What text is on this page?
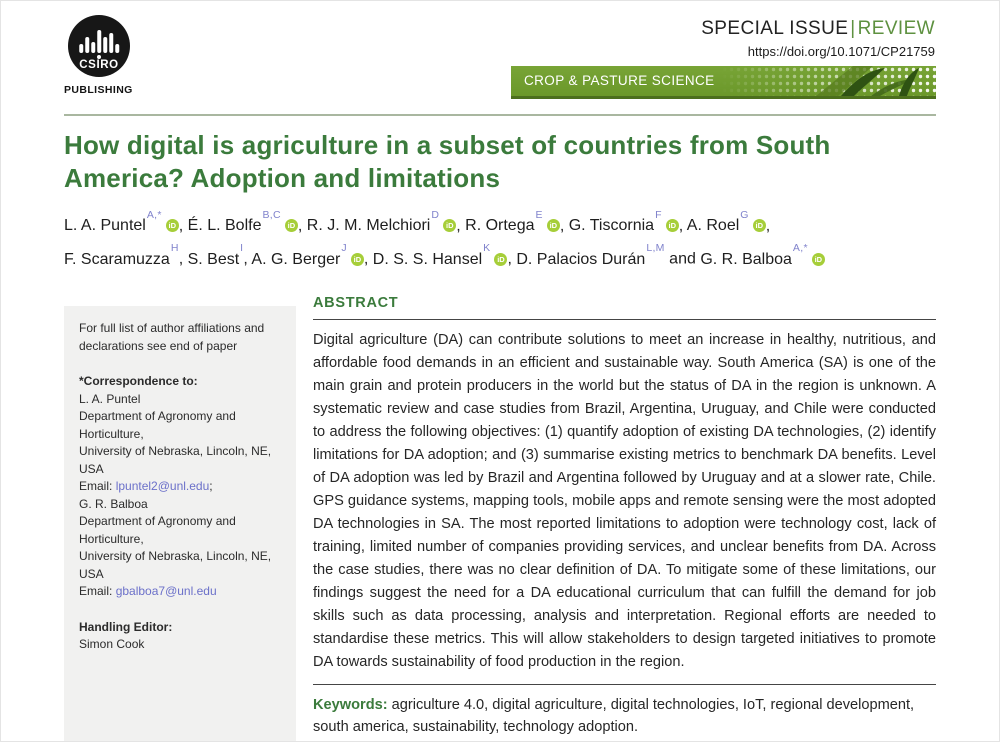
CSIRO
PUBLISHING
SPECIAL ISSUE | REVIEW
https://doi.org/10.1071/CP21759
CROP & PASTURE SCIENCE
How digital is agriculture in a subset of countries from South America? Adoption and limitations
L. A. Puntel$^{A,*}$iD , É. L. Bolfe$^{B,C}$iD , R. J. M. Melchiori$^D$iD , R. Ortega$^E$iD , G. Tiscornia$^F$iD , A. Roel$^G$iD ,
F. Scaramuzza$^H$, S. Best$^I$, A. G. Berger$^J$iD , D. S. S. Hansel$^K$iD , D. Palacios Durán$^{L,M}$ and G. R. Balboa$^{A,*}$iD

For full list of author affiliations and declarations see end of paper

*Correspondence to:

L. A. Puntel

Department of Agronomy and Horticulture,

University of Nebraska, Lincoln, NE, USA

Email: lpuntel2@unl.edu;

G. R. Balboa

Department of Agronomy and Horticulture,

University of Nebraska, Lincoln, NE, USA

Email: gbalboa7@unl.edu

Handling Editor:

Simon Cook

ABSTRACT

Digital agriculture (DA) can contribute solutions to meet an increase in healthy, nutritious, and affordable food demands in an efficient and sustainable way. South America (SA) is one of the main grain and protein producers in the world but the status of DA in the region is unknown. A systematic review and case studies from Brazil, Argentina, Uruguay, and Chile were conducted to address the following objectives: (1) quantify adoption of existing DA technologies, (2) identify limitations for DA adoption; and (3) summarise existing metrics to benchmark DA benefits. Level of DA adoption was led by Brazil and Argentina followed by Uruguay and at a slower rate, Chile. GPS guidance systems, mapping tools, mobile apps and remote sensing were the most adopted DA technologies in SA. The most reported limitations to adoption were technology cost, lack of training, limited number of companies providing services, and unclear benefits from DA. Across the case studies, there was no clear definition of DA. To mitigate some of these limitations, our findings suggest the need for a DA educational curriculum that can fulfill the demand for job skills such as data processing, analysis and interpretation. Regional efforts are needed to standardise these metrics. This will allow stakeholders to design targeted initiatives to promote DA towards sustainability of food production in the region.

Keywords: agriculture 4.0, digital agriculture, digital technologies, IoT, regional development, south america, sustainability, technology adoption.
